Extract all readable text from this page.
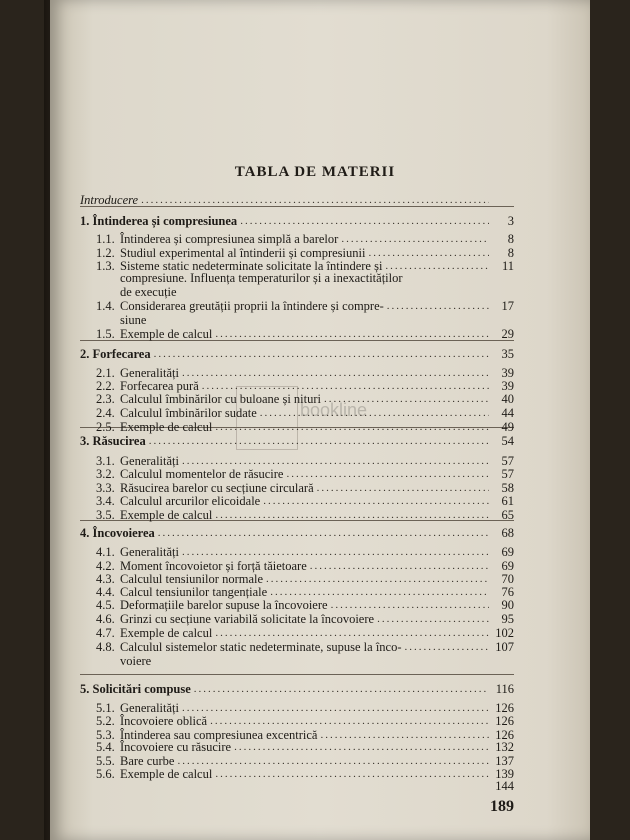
TABLA DE MATERII
bookline
Introducere
.....
1. Întinderea și compresiunea .....	3
1.1. Întinderea și compresiunea simplă a barelor .....	8
1.2. Studiul experimental al întinderii și compresiunii .....	8
1.3. Sisteme static nedeterminate solicitate la întindere și .....	11
compresiune. Influența temperaturilor și a inexactităților
de execuție
1.4. Considerarea greutății proprii la întindere și compre- .....	17
siune
1.5. Exemple de calcul .....	29
2. Forfecarea .....	35
2.1. Generalități .....	39
2.2. Forfecarea pură .....	39
2.3. Calculul îmbinărilor cu buloane și nituri .....	40
2.4. Calculul îmbinărilor sudate .....	44
2.5. Exemple de calcul .....	49
3. Răsucirea .....	54
3.1. Generalități .....	57
3.2. Calculul momentelor de răsucire .....	57
3.3. Răsucirea barelor cu secțiune circulară .....	58
3.4. Calculul arcurilor elicoidale .....	61
3.5. Exemple de calcul .....	65
4. Încovoierea .....	68
4.1. Generalități .....	69
4.2. Moment încovoietor și forță tăietoare .....	69
4.3. Calculul tensiunilor normale .....	70
4.4. Calcul tensiunilor tangențiale .....	76
4.5. Deformațiile barelor supuse la încovoiere .....	90
4.6. Grinzi cu secțiune variabilă solicitate la încovoiere .....	95
4.7. Exemple de calcul .....	102
4.8. Calculul sistemelor static nedeterminate, supuse la înco- .....	107
voiere
5. Solicitări compuse .....	116
5.1. Generalități .....	126
5.2. Încovoiere oblică .....	126
5.3. Întinderea sau compresiunea excentrică .....	126
5.4. Încovoiere cu răsucire .....	132
5.5. Bare curbe .....	137
5.6. Exemple de calcul .....	139
144
189
